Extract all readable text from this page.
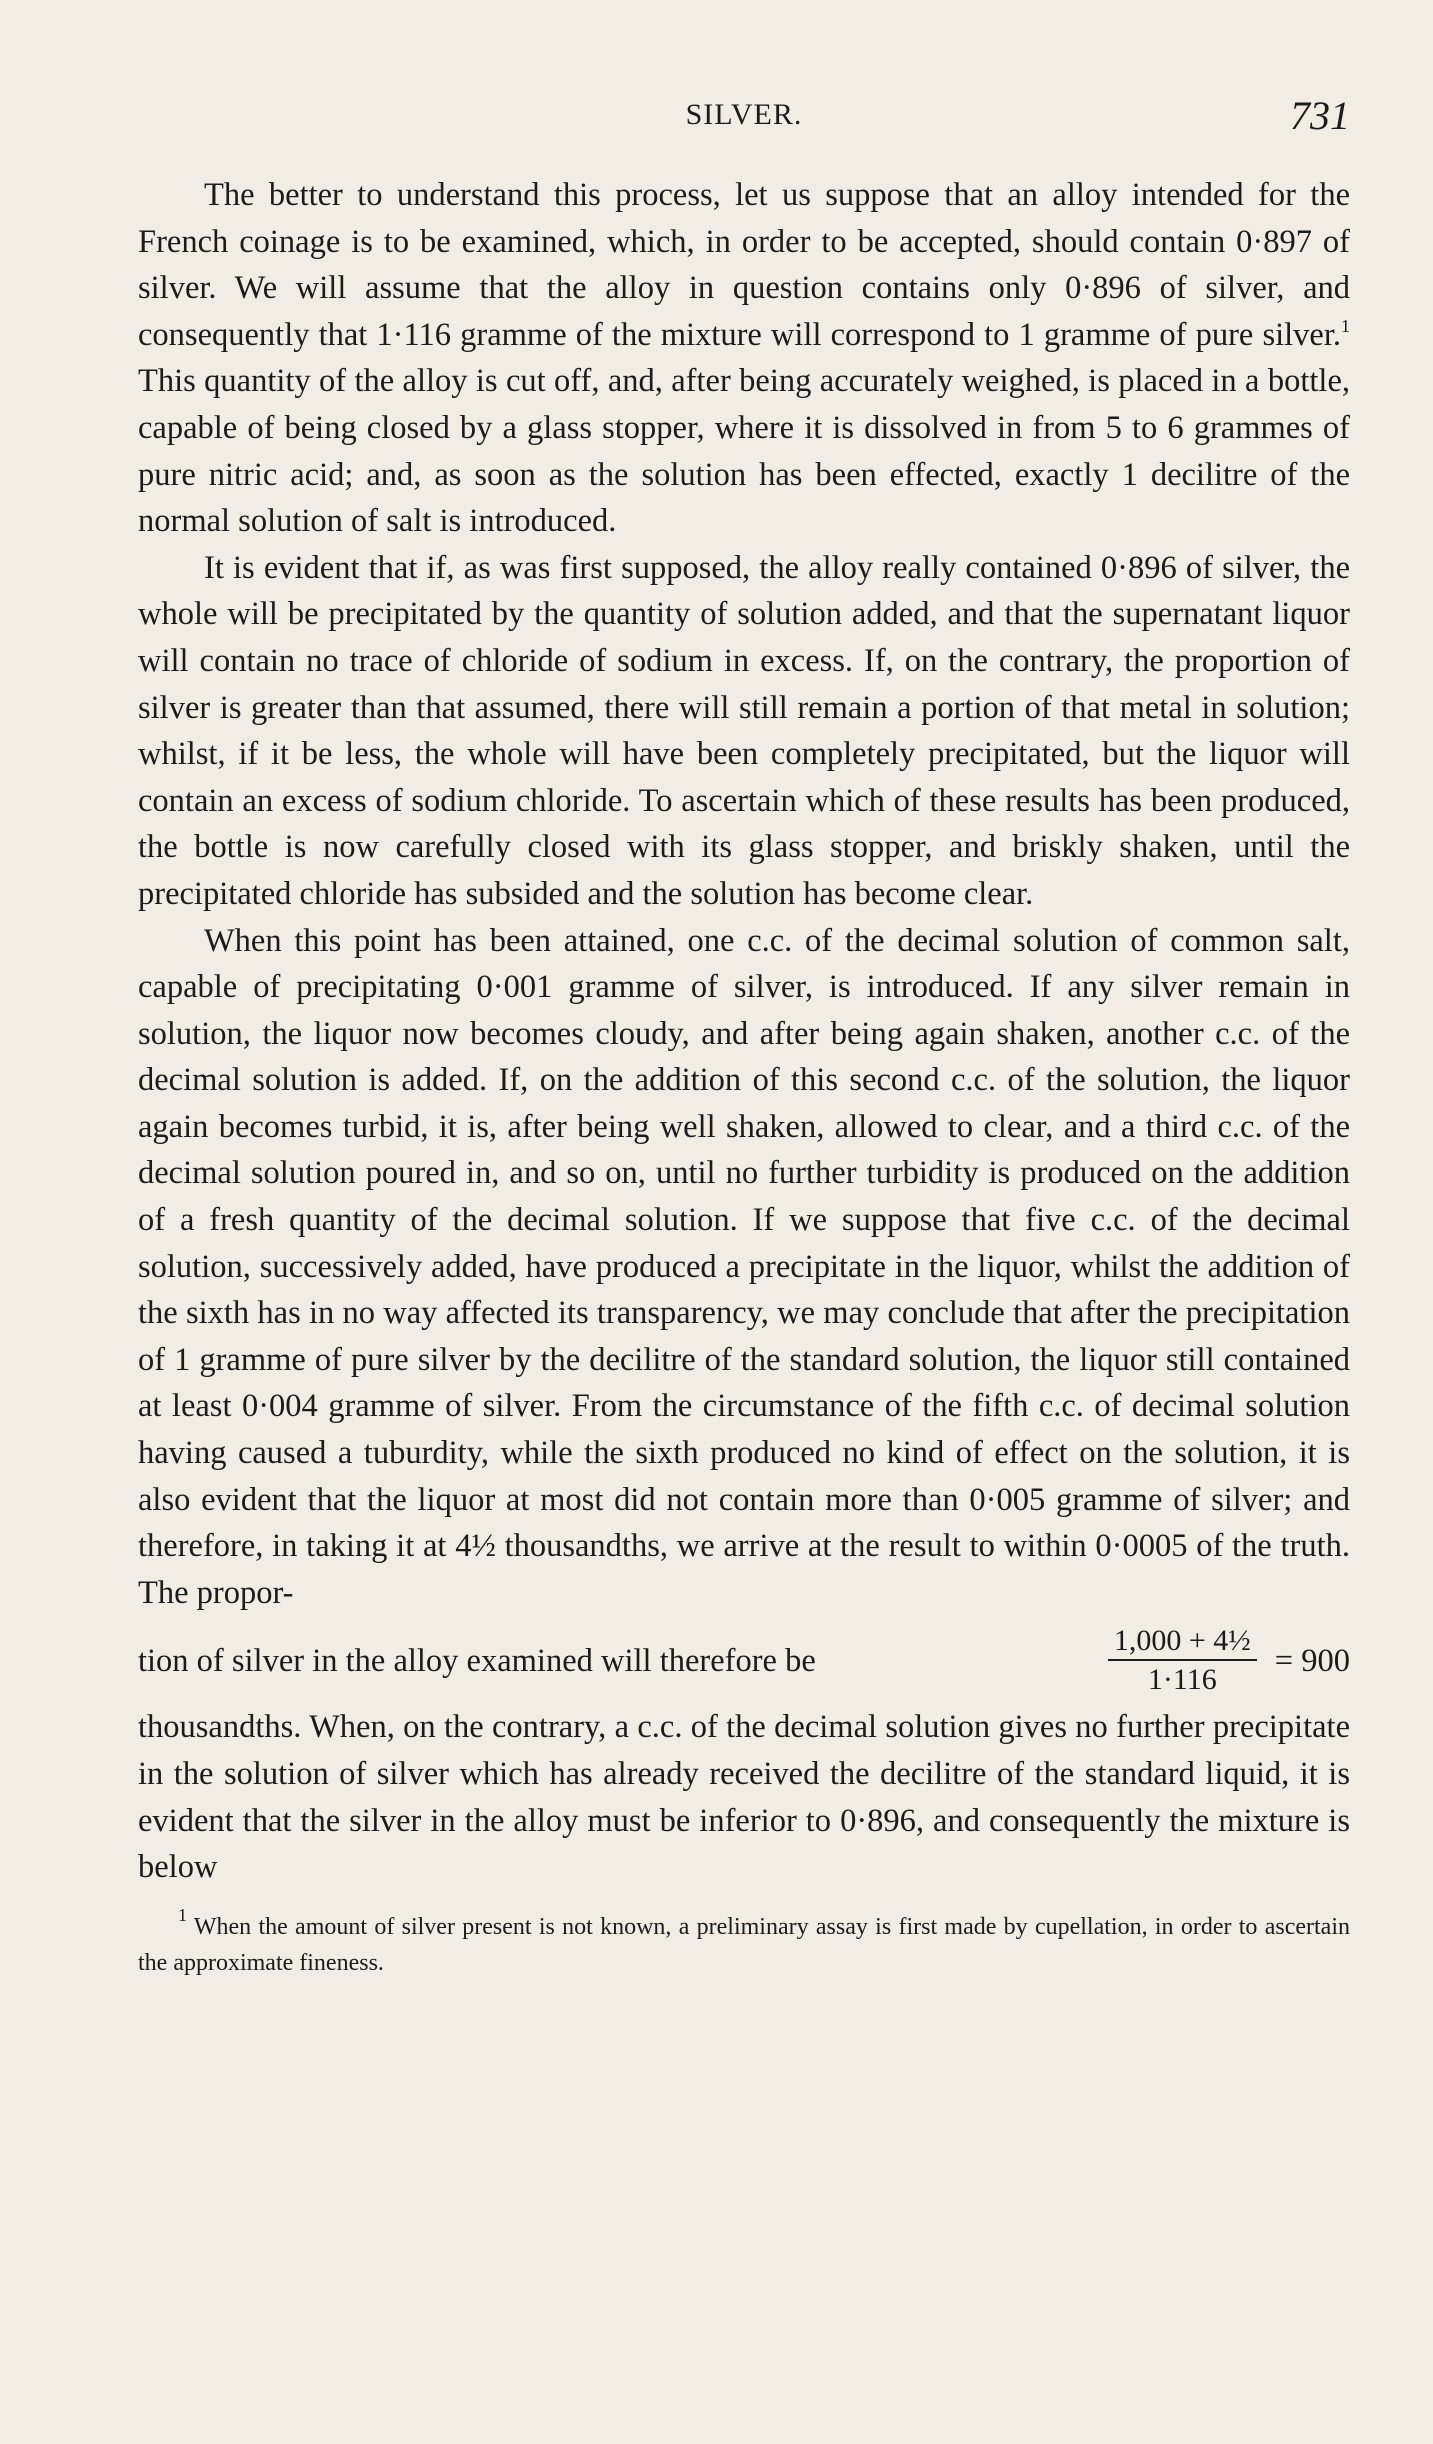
SILVER.	731

The better to understand this process, let us suppose that an alloy intended for the French coinage is to be examined, which, in order to be accepted, should contain 0·897 of silver. We will assume that the alloy in question contains only 0·896 of silver, and consequently that 1·116 gramme of the mixture will correspond to 1 gramme of pure silver.$^1$ This quantity of the alloy is cut off, and, after being accurately weighed, is placed in a bottle, capable of being closed by a glass stopper, where it is dissolved in from 5 to 6 grammes of pure nitric acid; and, as soon as the solution has been effected, exactly 1 decilitre of the normal solution of salt is introduced.

It is evident that if, as was first supposed, the alloy really contained 0·896 of silver, the whole will be precipitated by the quantity of solution added, and that the supernatant liquor will contain no trace of chloride of sodium in excess. If, on the contrary, the proportion of silver is greater than that assumed, there will still remain a portion of that metal in solution; whilst, if it be less, the whole will have been completely precipitated, but the liquor will contain an excess of sodium chloride. To ascertain which of these results has been produced, the bottle is now carefully closed with its glass stopper, and briskly shaken, until the precipitated chloride has subsided and the solution has become clear.

When this point has been attained, one c.c. of the decimal solution of common salt, capable of precipitating 0·001 gramme of silver, is introduced. If any silver remain in solution, the liquor now becomes cloudy, and after being again shaken, another c.c. of the decimal solution is added. If, on the addition of this second c.c. of the solution, the liquor again becomes turbid, it is, after being well shaken, allowed to clear, and a third c.c. of the decimal solution poured in, and so on, until no further turbidity is produced on the addition of a fresh quantity of the decimal solution. If we suppose that five c.c. of the decimal solution, successively added, have produced a precipitate in the liquor, whilst the addition of the sixth has in no way affected its transparency, we may conclude that after the precipitation of 1 gramme of pure silver by the decilitre of the standard solution, the liquor still contained at least 0·004 gramme of silver. From the circumstance of the fifth c.c. of decimal solution having caused a tuburdity, while the sixth produced no kind of effect on the solution, it is also evident that the liquor at most did not contain more than 0·005 gramme of silver; and therefore, in taking it at 4½ thousandths, we arrive at the result to within 0·0005 of the truth. The propor-

tion of silver in the alloy examined will therefore be	$\frac{\text{1,000 + 4½}}{1\cdot 116} = 900$

thousandths. When, on the contrary, a c.c. of the decimal solution gives no further precipitate in the solution of silver which has already received the decilitre of the standard liquid, it is evident that the silver in the alloy must be inferior to 0·896, and consequently the mixture is below

$^1$ When the amount of silver present is not known, a preliminary assay is first made by cupellation, in order to ascertain the approximate fineness.
